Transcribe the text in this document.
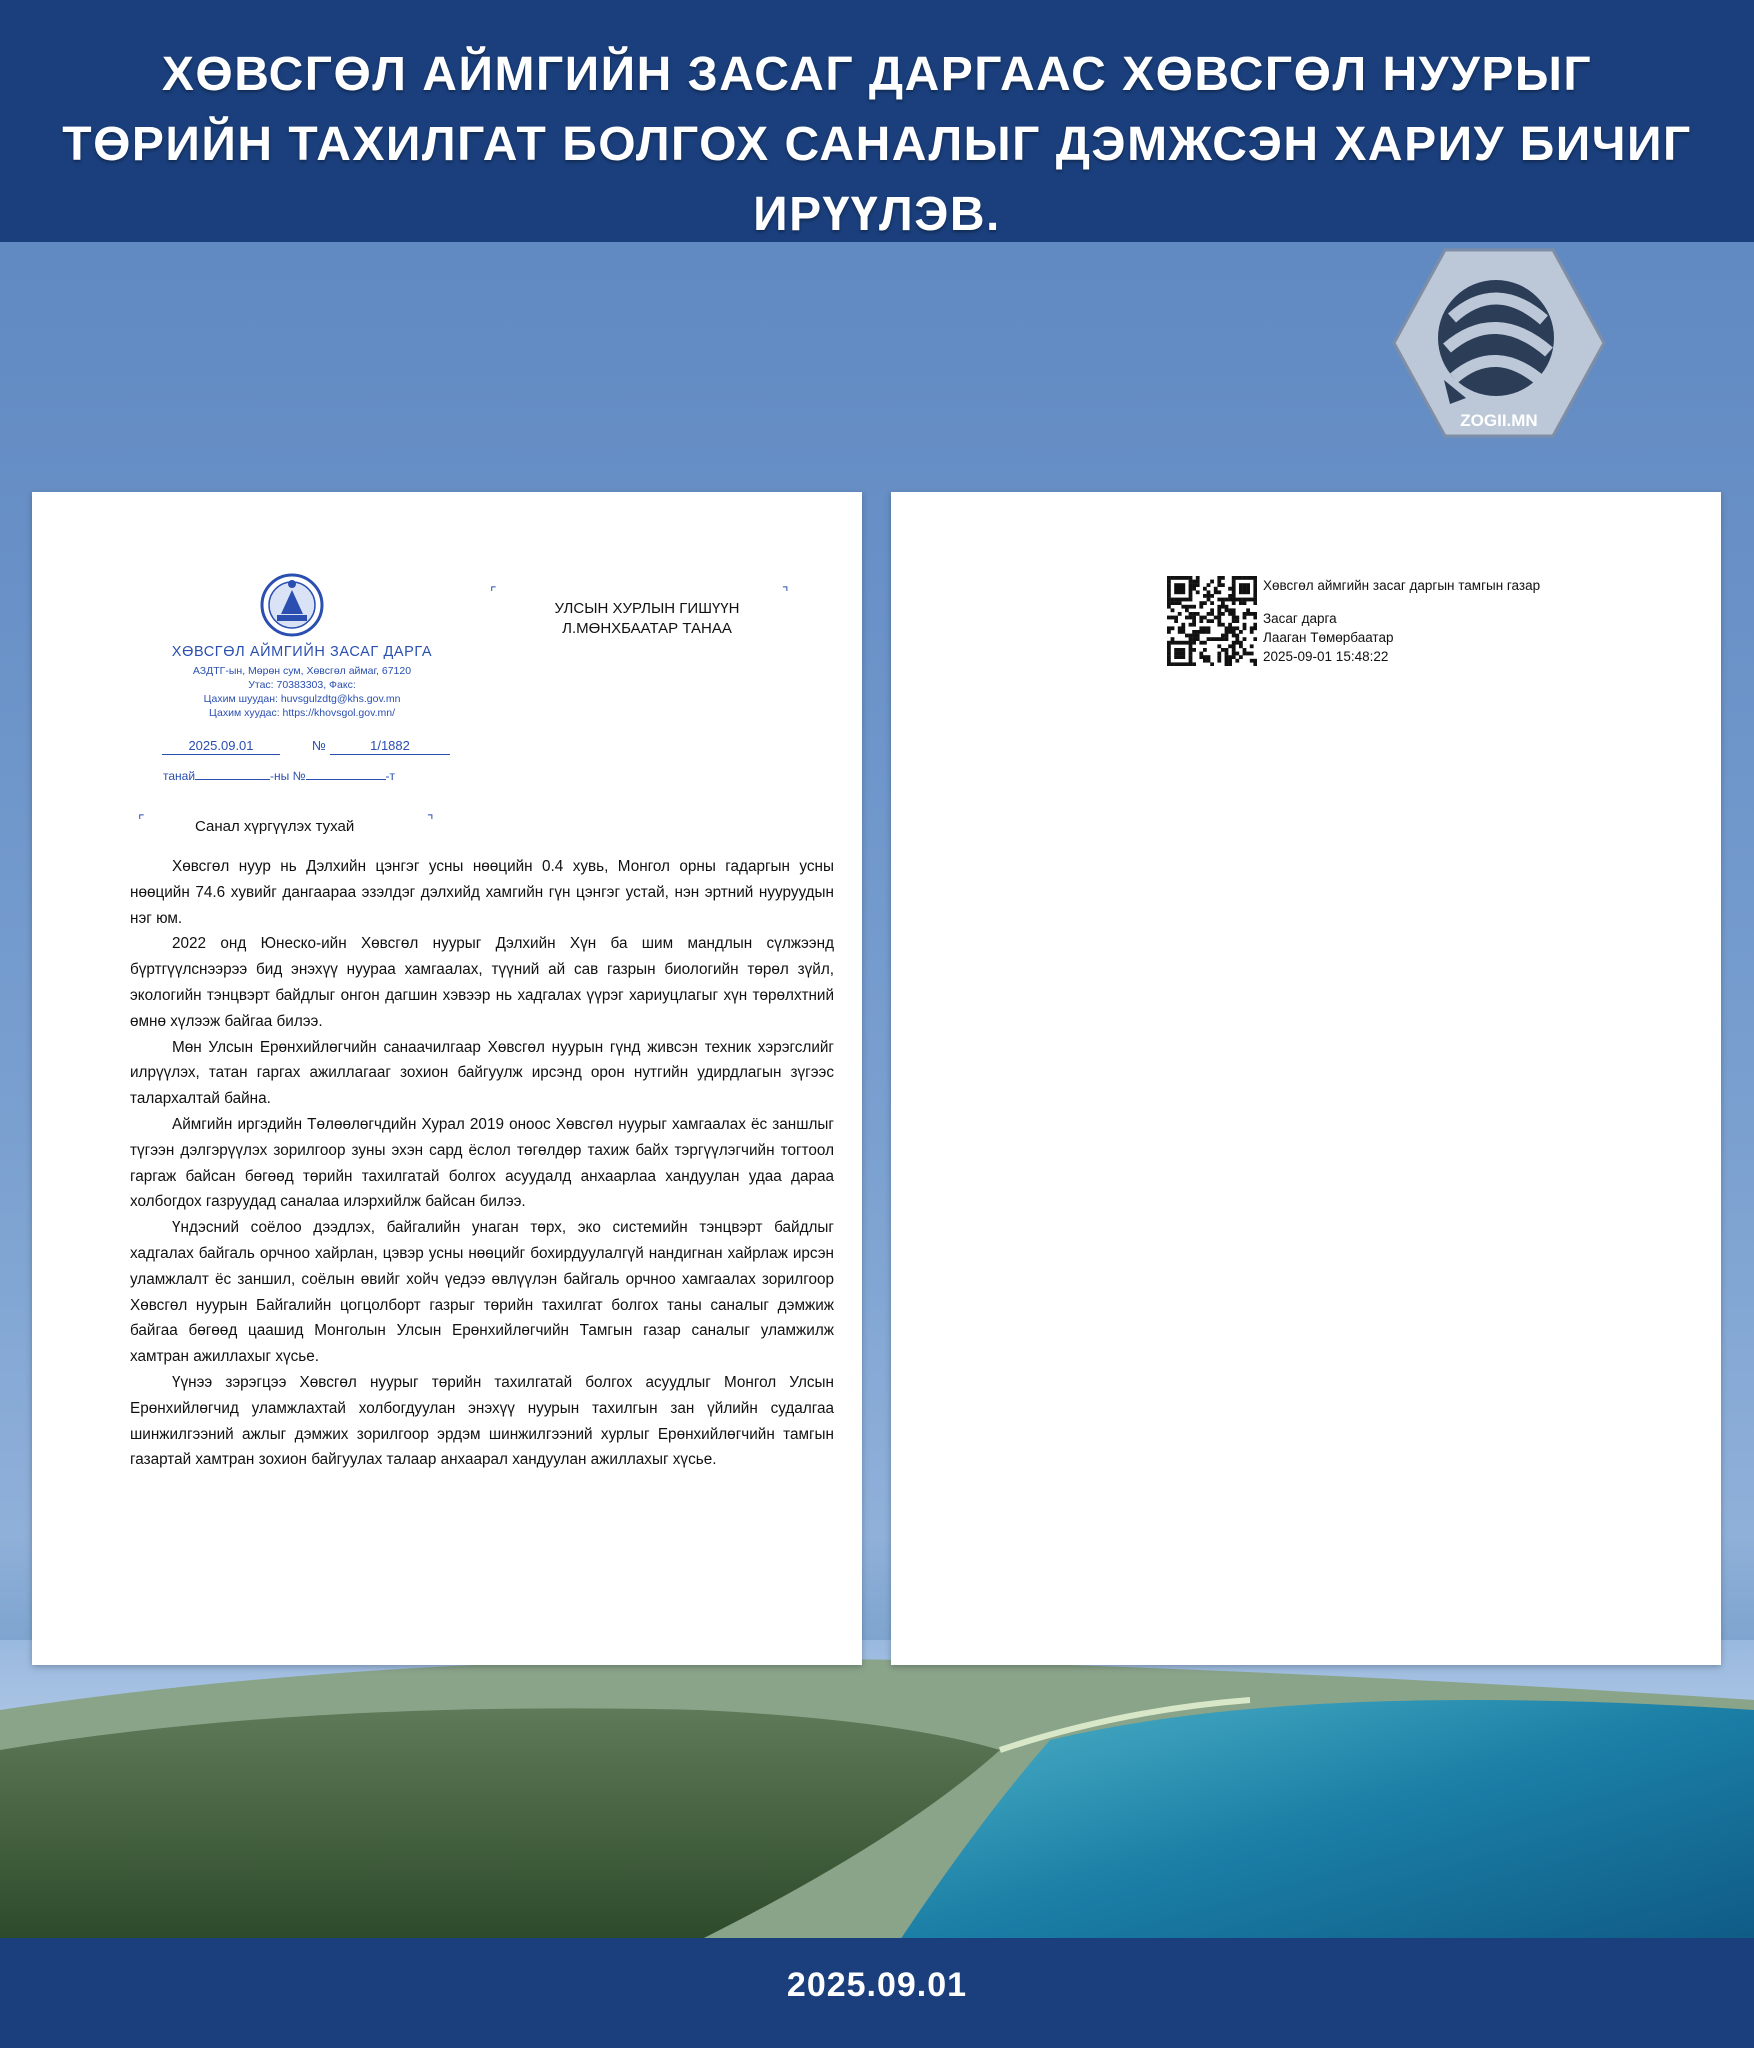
ХӨВСГӨЛ АЙМГИЙН ЗАСАГ ДАРГААС ХӨВСГӨЛ НУУРЫГ
ТӨРИЙН ТАХИЛГАТ БОЛГОХ САНАЛЫГ ДЭМЖСЭН ХАРИУ БИЧИГ
ИРҮҮЛЭВ.
ZOGII.MN
2025.09.01
ХӨВСГӨЛ АЙМГИЙН ЗАСАГ ДАРГА
АЗДТГ-ын, Мөрөн сум, Хөвсгөл аймаг, 67120
Утас: 70383303, Факс:
Цахим шуудан: huvsgulzdtg@khs.gov.mn
Цахим хуудас: https://khovsgol.gov.mn/
2025.09.01	№	1/1882
танай	-ны №	-т
⌜	⌝
УЛСЫН ХУРЛЫН ГИШҮҮН
Л.МӨНХБААТАР ТАНАА
⌜	⌝
Санал хүргүүлэх тухай

Хөвсгөл нуур нь Дэлхийн цэнгэг усны нөөцийн 0.4 хувь, Монгол орны гадаргын усны нөөцийн 74.6 хувийг дангаараа эзэлдэг дэлхийд хамгийн гүн цэнгэг устай, нэн эртний нууруудын нэг юм.

2022 онд Юнеско-ийн Хөвсгөл нуурыг Дэлхийн Хүн ба шим мандлын сүлжээнд бүртгүүлснээрээ бид энэхүү нуураа хамгаалах, түүний ай сав газрын биологийн төрөл зүйл, экологийн тэнцвэрт байдлыг онгон дагшин хэвээр нь хадгалах үүрэг хариуцлагыг хүн төрөлхтний өмнө хүлээж байгаа билээ.

Мөн Улсын Ерөнхийлөгчийн санаачилгаар Хөвсгөл нуурын гүнд живсэн техник хэрэгслийг илрүүлэх, татан гаргах ажиллагааг зохион байгуулж ирсэнд орон нутгийн удирдлагын зүгээс талархалтай байна.

Аймгийн иргэдийн Төлөөлөгчдийн Хурал 2019 оноос Хөвсгөл нуурыг хамгаалах ёс заншлыг түгээн дэлгэрүүлэх зорилгоор зуны эхэн сард ёслол төгөлдөр тахиж байх тэргүүлэгчийн тогтоол гаргаж байсан бөгөөд төрийн тахилгатай болгох асуудалд анхаарлаа хандуулан удаа дараа холбогдох газруудад саналаа илэрхийлж байсан билээ.

Үндэсний соёлоо дээдлэх, байгалийн унаган төрх, эко системийн тэнцвэрт байдлыг хадгалах байгаль орчноо хайрлан, цэвэр усны нөөцийг бохирдуулалгүй нандигнан хайрлаж ирсэн уламжлалт ёс заншил, соёлын өвийг хойч үедээ өвлүүлэн байгаль орчноо хамгаалах зорилгоор Хөвсгөл нуурын Байгалийн цогцолборт газрыг төрийн тахилгат болгох таны саналыг дэмжиж байгаа бөгөөд цаашид Монголын Улсын Ерөнхийлөгчийн Тамгын газар саналыг уламжилж хамтран ажиллахыг хүсье.

Үүнээ зэрэгцээ Хөвсгөл нуурыг төрийн тахилгатай болгох асуудлыг Монгол Улсын Ерөнхийлөгчид уламжлахтай холбогдуулан энэхүү нуурын тахилгын зан үйлийн судалгаа шинжилгээний ажлыг дэмжих зорилгоор эрдэм шинжилгээний хурлыг Ерөнхийлөгчийн тамгын газартай хамтран зохион байгуулах талаар анхаарал хандуулан ажиллахыг хүсье.

Хөвсгөл аймгийн засаг даргын тамгын газар
Засаг дарга
Лааган Төмөрбаатар
2025-09-01 15:48:22
